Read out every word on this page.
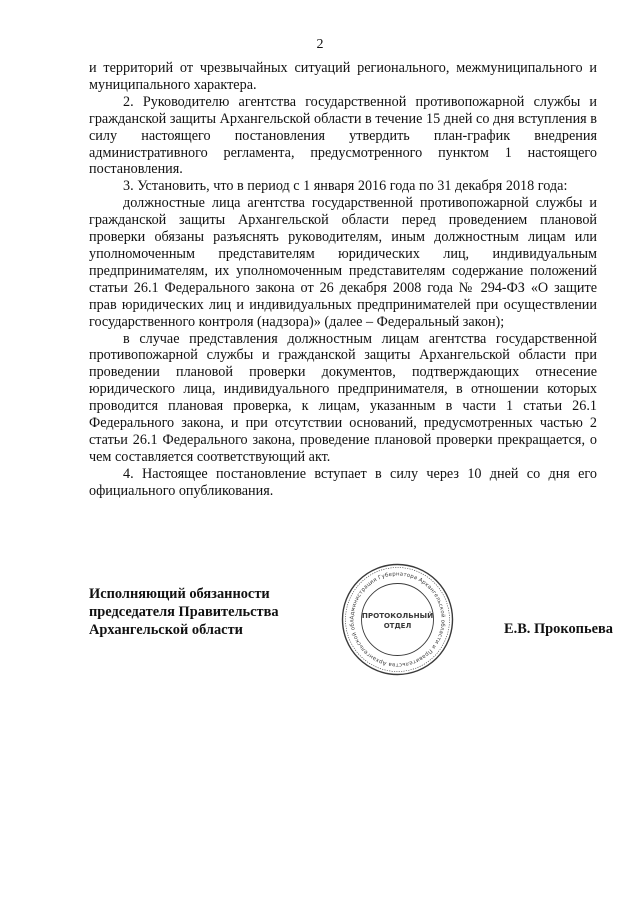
2

и территорий от чрезвычайных ситуаций регионального, межмуниципального и муниципального характера.

2. Руководителю агентства государственной противопожарной службы и гражданской защиты Архангельской области в течение 15 дней со дня вступления в силу настоящего постановления утвердить план-график внедрения административного регламента, предусмотренного пунктом 1 настоящего постановления.

3. Установить, что в период с 1 января 2016 года по 31 декабря 2018 года:

должностные лица агентства государственной противопожарной службы и гражданской защиты Архангельской области перед проведением плановой проверки обязаны разъяснять руководителям, иным должностным лицам или уполномоченным представителям юридических лиц, индивидуальным предпринимателям, их уполномоченным представителям содержание положений статьи 26.1 Федерального закона от 26 декабря 2008 года № 294-ФЗ «О защите прав юридических лиц и индивидуальных предпринимателей при осуществлении государственного контроля (надзора)» (далее – Федеральный закон);

в случае представления должностным лицам агентства государственной противопожарной службы и гражданской защиты Архангельской области при проведении плановой проверки документов, подтверждающих отнесение юридического лица, индивидуального предпринимателя, в отношении которых проводится плановая проверка, к лицам, указанным в части 1 статьи 26.1 Федерального закона, и при отсутствии оснований, предусмотренных частью 2 статьи 26.1 Федерального закона, проведение плановой проверки прекращается, о чем составляется соответствующий акт.

4. Настоящее постановление вступает в силу через 10 дней со дня его официального опубликования.

Исполняющий обязанности
председателя Правительства
Архангельской области
Администрация Губернатора Архангельской области и Правительства Архангельской обл
ПРОТОКОЛЬНЫЙ
ОТДЕЛ	Е.В. Прокопьева
